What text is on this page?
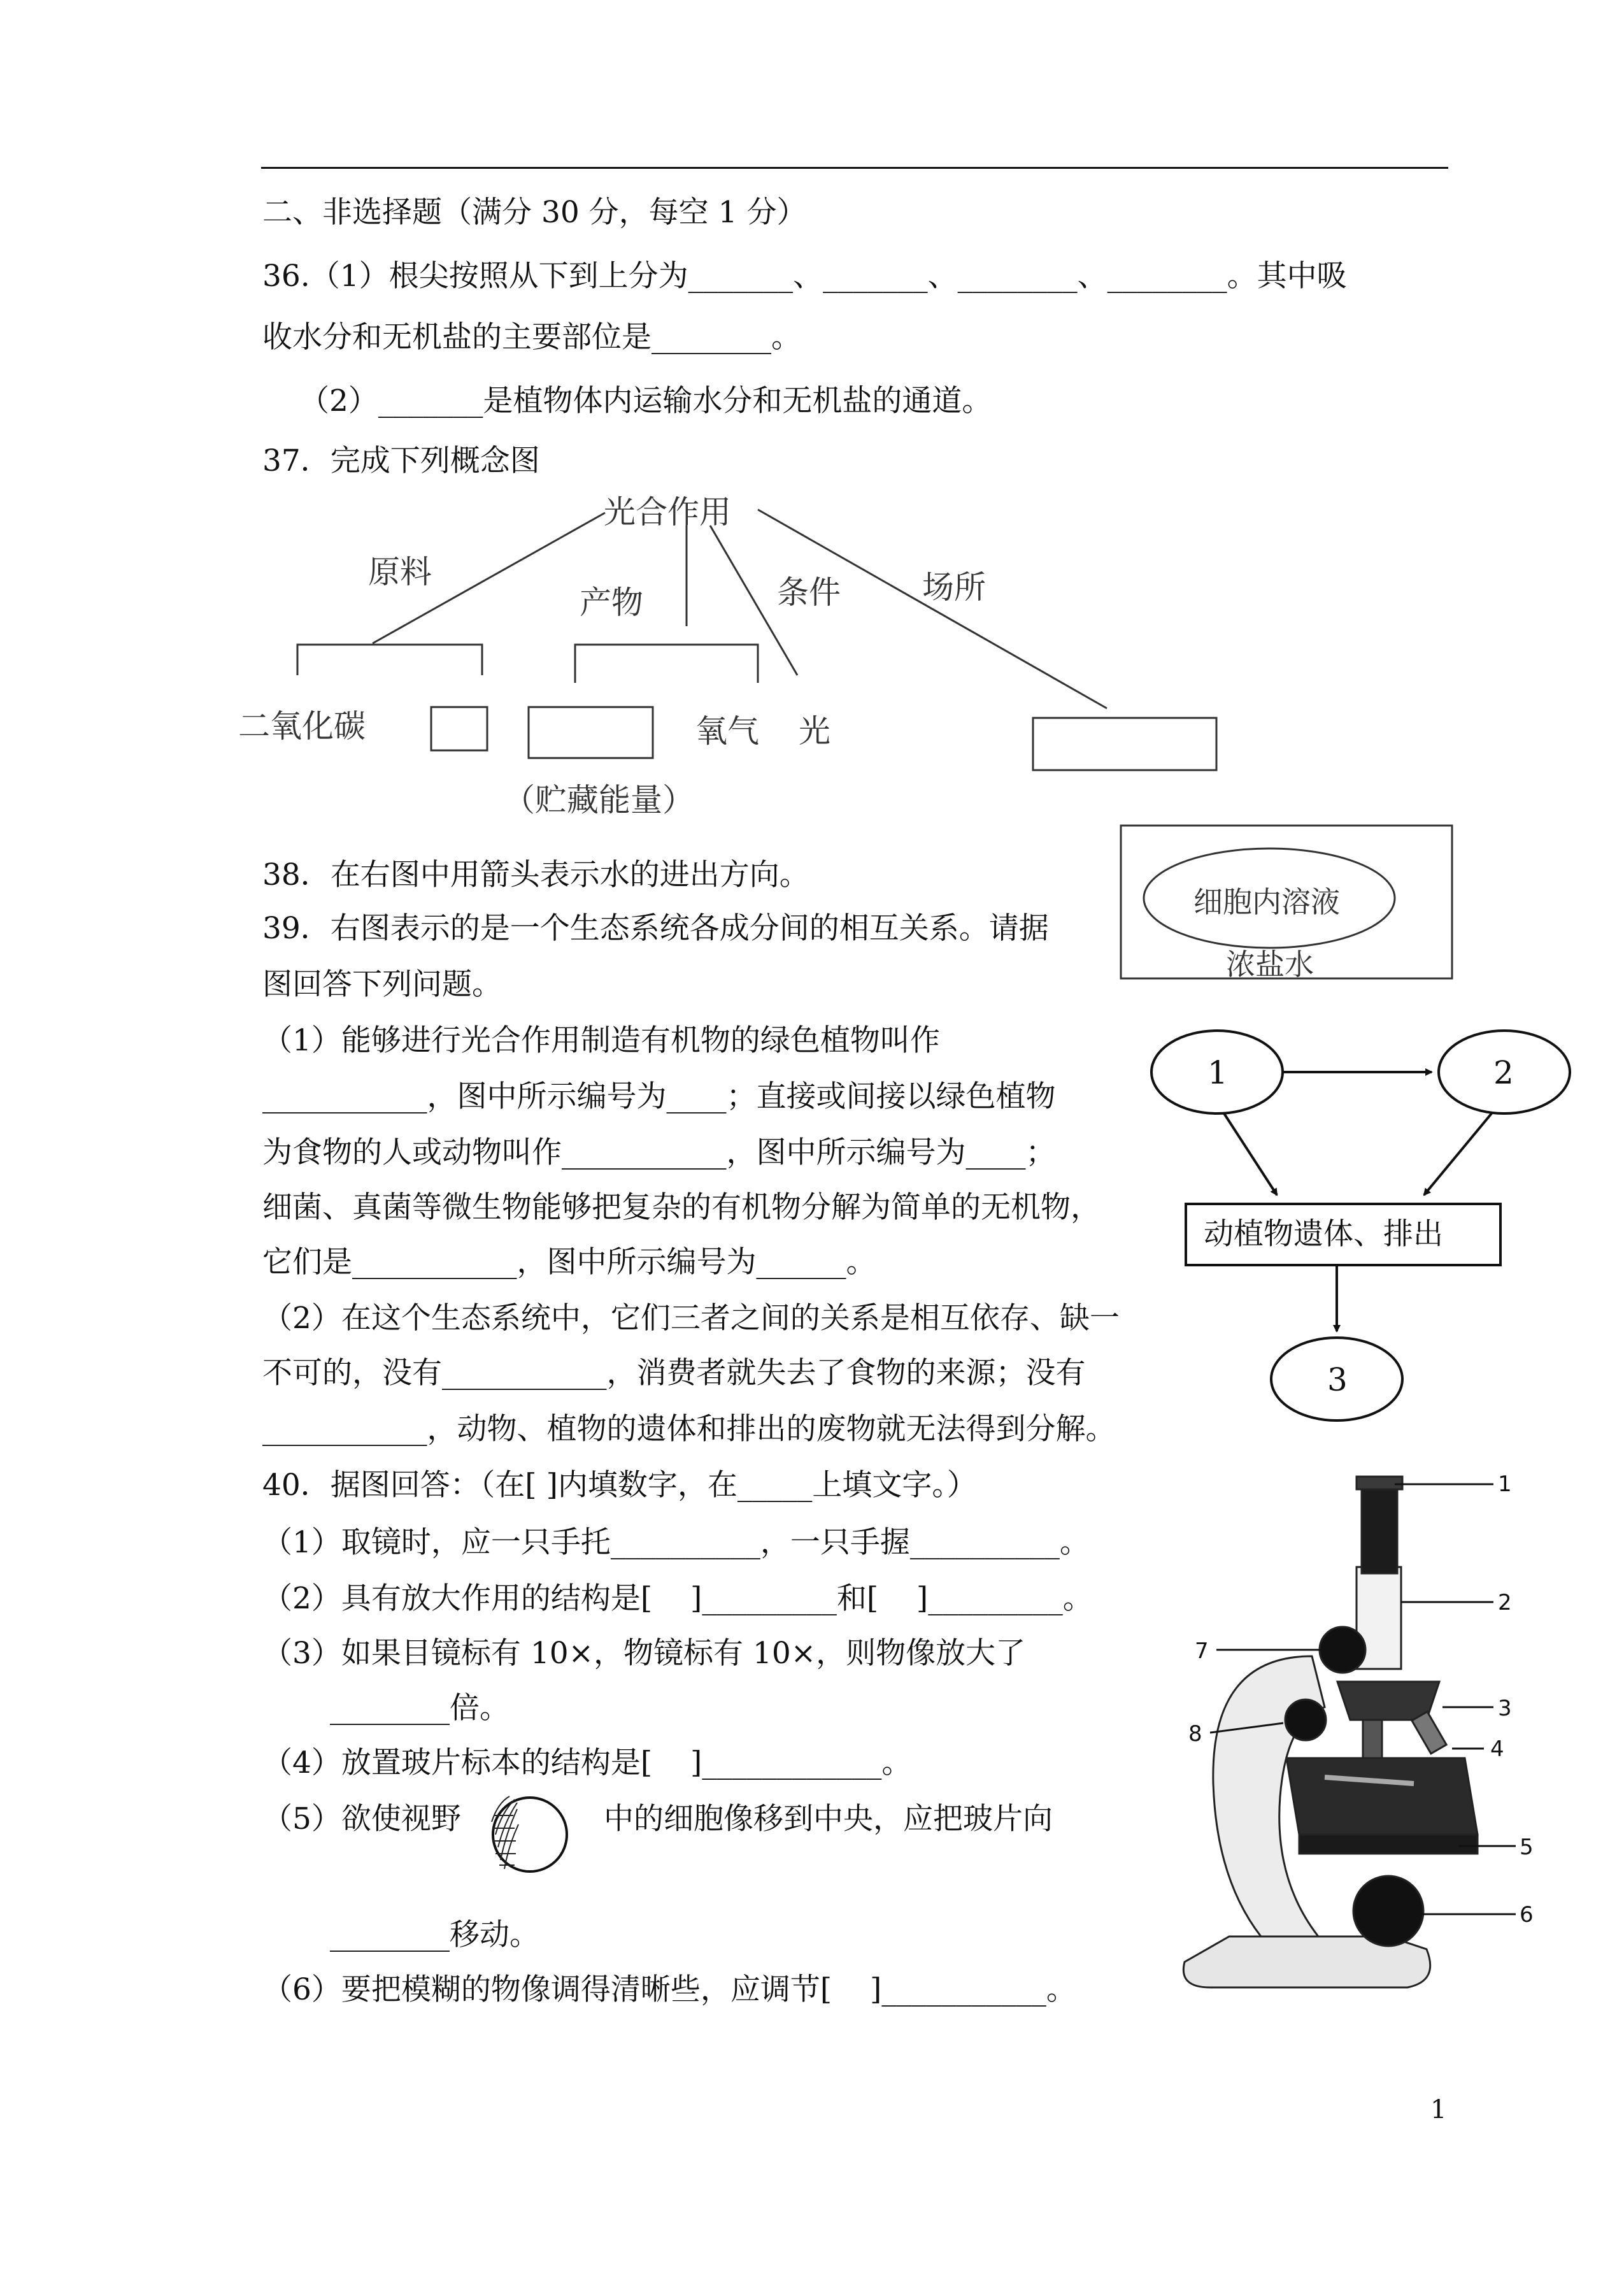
二、非选择题（满分 30 分，每空 1 分）
36.（1）根尖按照从下到上分为_______、_______、________、________。其中吸
收水分和无机盐的主要部位是________。
（2）_______是植物体内运输水分和无机盐的通道。
37．完成下列概念图
光合作用
原料
产物	条件	场所
二氧化碳	氧气 光
（贮藏能量）
38．在右图中用箭头表示水的进出方向。
细胞内溶液
浓盐水
39．右图表示的是一个生态系统各成分间的相互关系。请据
图回答下列问题。
（1）能够进行光合作用制造有机物的绿色植物叫作
___________，图中所示编号为____；直接或间接以绿色植物
为食物的人或动物叫作___________，图中所示编号为____；
细菌、真菌等微生物能够把复杂的有机物分解为简单的无机物，
它们是___________，图中所示编号为______。
（2）在这个生态系统中，它们三者之间的关系是相互依存、缺一
不可的，没有___________，消费者就失去了食物的来源；没有
___________，动物、植物的遗体和排出的废物就无法得到分解。
1	2
3
动植物遗体、排出
40．据图回答：（在[ ]内填数字，在_____上填文字。）
（1）取镜时，应一只手托__________，一只手握__________。
（2）具有放大作用的结构是[    ]_________和[    ]_________。
（3）如果目镜标有 10×，物镜标有 10×，则物像放大了
________倍。
（4）放置玻片标本的结构是[    ]____________。
（5）欲使视野	中的细胞像移到中央，应把玻片向
________移动。
（6）要把模糊的物像调得清晰些，应调节[    ]___________。
1
2
3
4
5
6
7
8
1
